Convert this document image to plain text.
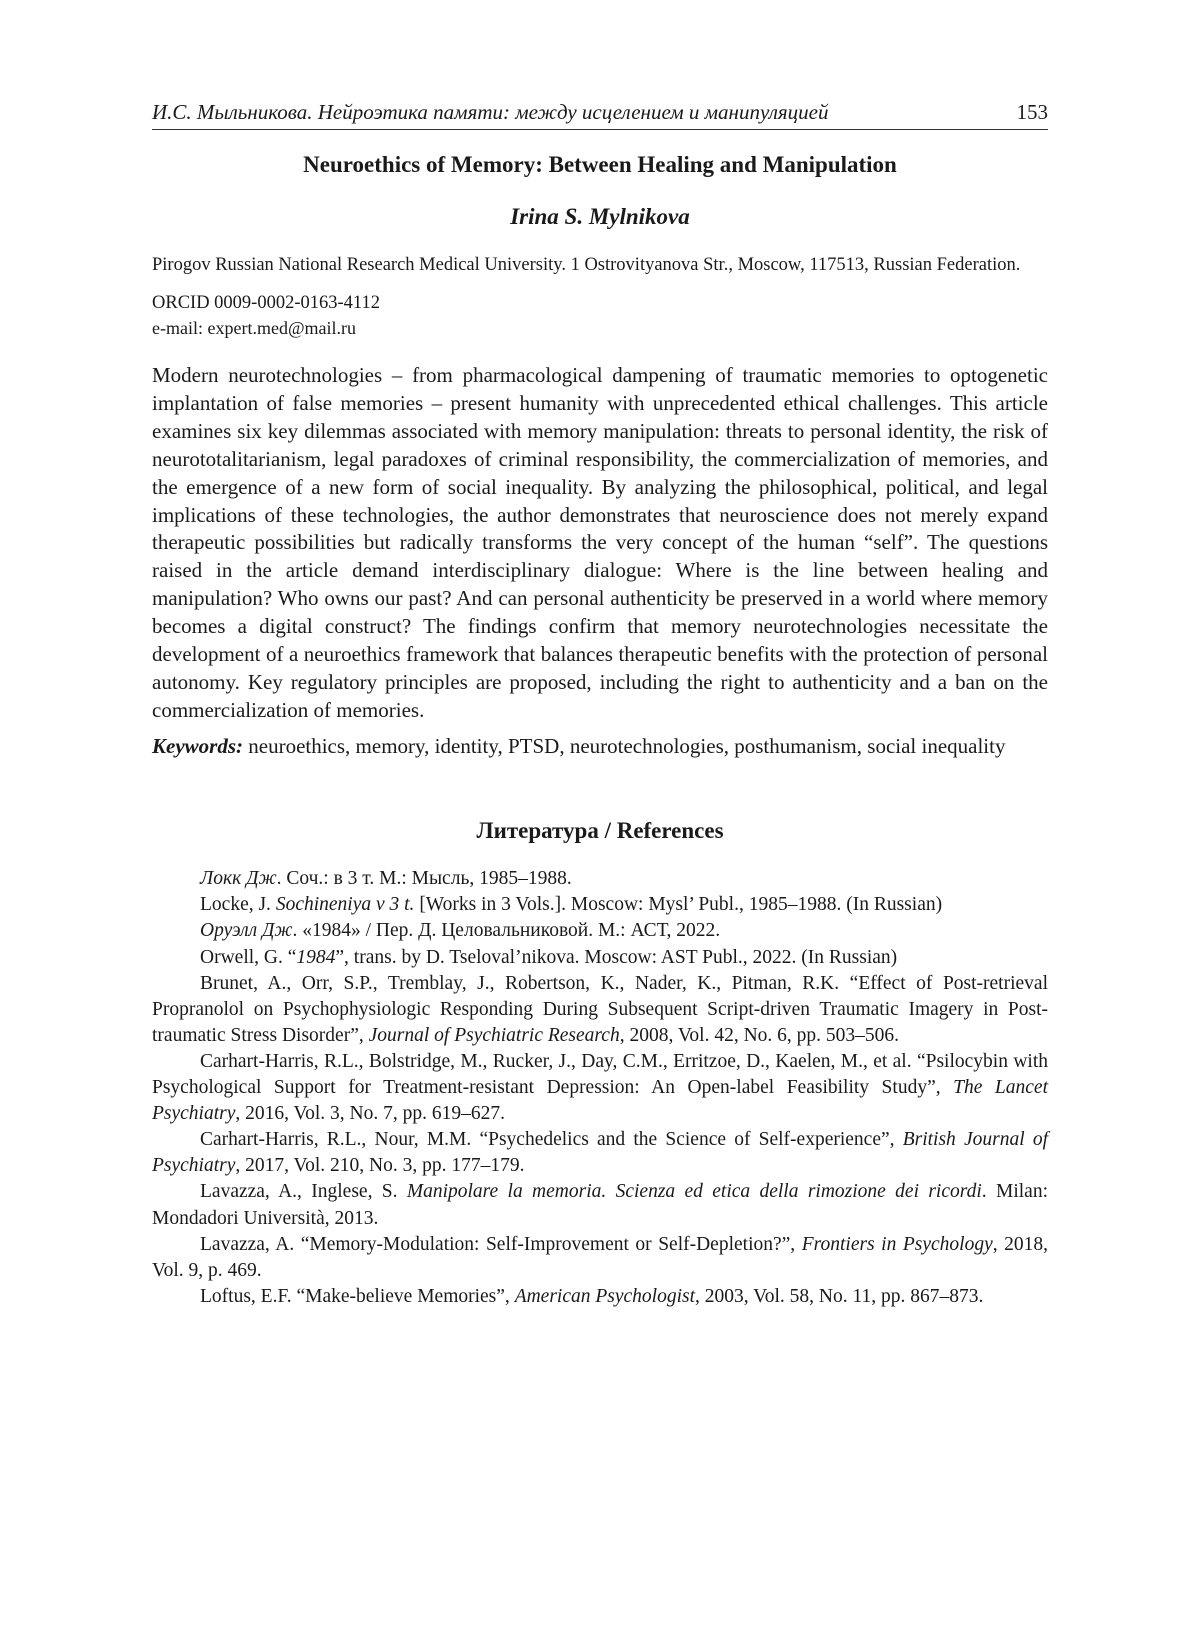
И.С. Мыльникова. Нейроэтика памяти: между исцелением и манипуляцией	153
Neuroethics of Memory: Between Healing and Manipulation
Irina S. Mylnikova
Pirogov Russian National Research Medical University. 1 Ostrovityanova Str., Moscow, 117513, Russian Federation.
ORCID 0009-0002-0163-4112
e-mail: expert.med@mail.ru
Modern neurotechnologies – from pharmacological dampening of traumatic memories to optogenetic implantation of false memories – present humanity with unprecedented ethical challenges. This article examines six key dilemmas associated with memory manipulation: threats to personal identity, the risk of neurototalitarianism, legal paradoxes of criminal responsibility, the commercialization of memories, and the emergence of a new form of social inequality. By analyzing the philosophical, political, and legal implications of these technologies, the author demonstrates that neuroscience does not merely expand therapeutic possibilities but radically transforms the very concept of the human “self”. The questions raised in the article demand interdisciplinary dialogue: Where is the line between healing and manipulation? Who owns our past? And can personal authenticity be preserved in a world where memory becomes a digital construct? The findings confirm that memory neurotechnologies necessitate the development of a neuroethics framework that balances therapeutic benefits with the protection of personal autonomy. Key regulatory principles are proposed, including the right to authenticity and a ban on the commercialization of memories.
Keywords: neuroethics, memory, identity, PTSD, neurotechnologies, posthumanism, social inequality
Литература / References
Локк Дж. Соч.: в 3 т. М.: Мысль, 1985–1988.
Locke, J. Sochineniya v 3 t. [Works in 3 Vols.]. Moscow: Mysl’ Publ., 1985–1988. (In Russian)
Оруэлл Дж. «1984» / Пер. Д. Целовальниковой. М.: АСТ, 2022.
Orwell, G. “1984”, trans. by D. Tseloval’nikova. Moscow: AST Publ., 2022. (In Russian)
Brunet, A., Orr, S.P., Tremblay, J., Robertson, K., Nader, K., Pitman, R.K. “Effect of Post-retrieval Propranolol on Psychophysiologic Responding During Subsequent Script-driven Traumatic Imagery in Post-traumatic Stress Disorder”, Journal of Psychiatric Research, 2008, Vol. 42, No. 6, pp. 503–506.
Carhart-Harris, R.L., Bolstridge, M., Rucker, J., Day, C.M., Erritzoe, D., Kaelen, M., et al. “Psilocybin with Psychological Support for Treatment-resistant Depression: An Open-label Feasibility Study”, The Lancet Psychiatry, 2016, Vol. 3, No. 7, pp. 619–627.
Carhart-Harris, R.L., Nour, M.M. “Psychedelics and the Science of Self-experience”, British Journal of Psychiatry, 2017, Vol. 210, No. 3, pp. 177–179.
Lavazza, A., Inglese, S. Manipolare la memoria. Scienza ed etica della rimozione dei ricordi. Milan: Mondadori Università, 2013.
Lavazza, A. “Memory-Modulation: Self-Improvement or Self-Depletion?”, Frontiers in Psychology, 2018, Vol. 9, p. 469.
Loftus, E.F. “Make-believe Memories”, American Psychologist, 2003, Vol. 58, No. 11, pp. 867–873.
